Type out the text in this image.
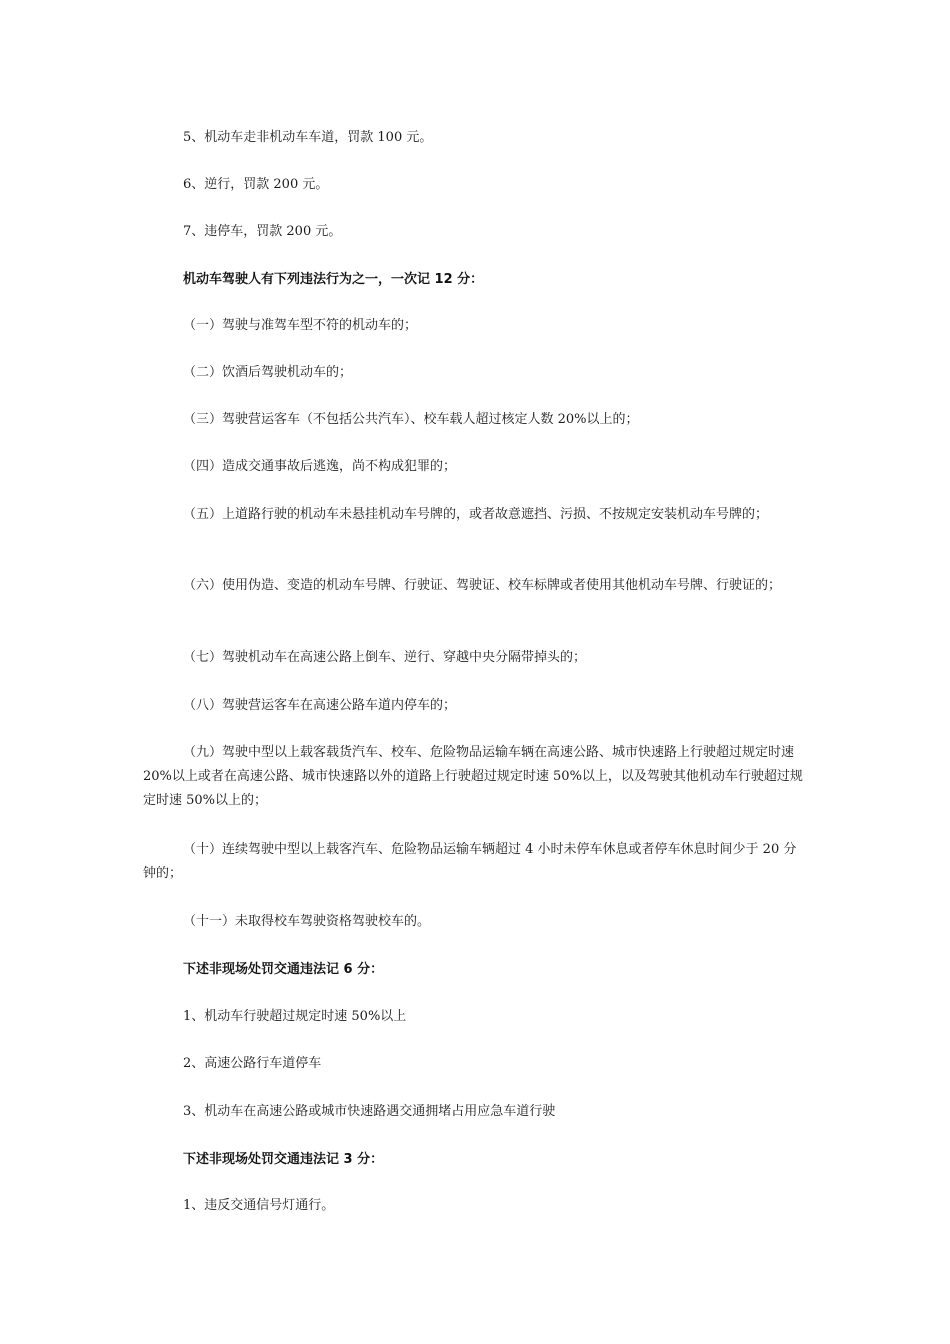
5、机动车走非机动车车道，罚款 100 元。

6、逆行，罚款 200 元。

7、违停车，罚款 200 元。

机动车驾驶人有下列违法行为之一，一次记 12 分：

（一）驾驶与准驾车型不符的机动车的；

（二）饮酒后驾驶机动车的；

（三）驾驶营运客车（不包括公共汽车）、校车载人超过核定人数 20%以上的；

（四）造成交通事故后逃逸，尚不构成犯罪的；

（五）上道路行驶的机动车未悬挂机动车号牌的，或者故意遮挡、污损、不按规定安装机动车号牌的；

（六）使用伪造、变造的机动车号牌、行驶证、驾驶证、校车标牌或者使用其他机动车号牌、行驶证的；

（七）驾驶机动车在高速公路上倒车、逆行、穿越中央分隔带掉头的；

（八）驾驶营运客车在高速公路车道内停车的；

（九）驾驶中型以上载客载货汽车、校车、危险物品运输车辆在高速公路、城市快速路上行驶超过规定时速 20%以上或者在高速公路、城市快速路以外的道路上行驶超过规定时速 50%以上，以及驾驶其他机动车行驶超过规定时速 50%以上的；

（十）连续驾驶中型以上载客汽车、危险物品运输车辆超过 4 小时未停车休息或者停车休息时间少于 20 分钟的；

（十一）未取得校车驾驶资格驾驶校车的。

下述非现场处罚交通违法记 6 分：

1、机动车行驶超过规定时速 50%以上

2、高速公路行车道停车

3、机动车在高速公路或城市快速路遇交通拥堵占用应急车道行驶

下述非现场处罚交通违法记 3 分：

1、违反交通信号灯通行。
